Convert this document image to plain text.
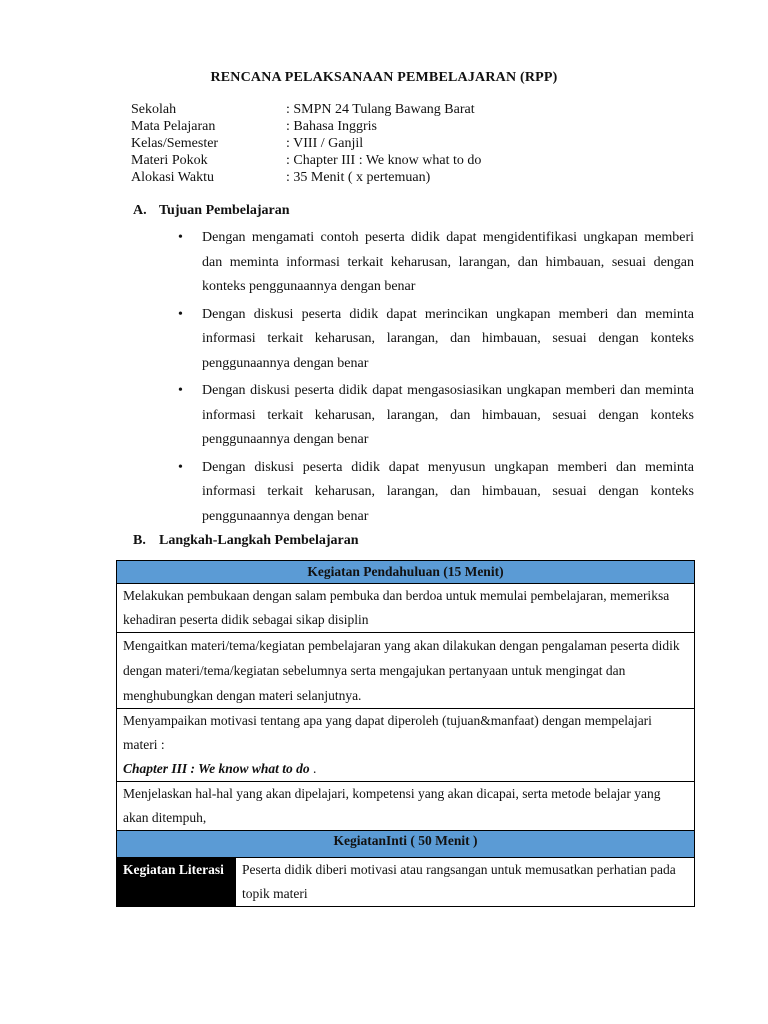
RENCANA PELAKSANAAN PEMBELAJARAN (RPP)
Sekolah	: SMPN 24 Tulang Bawang Barat
Mata Pelajaran	: Bahasa Inggris
Kelas/Semester	: VIII / Ganjil
Materi Pokok	: Chapter III : We know what to do
Alokasi Waktu	: 35 Menit ( x pertemuan)
A. Tujuan Pembelajaran
• Dengan mengamati contoh peserta didik dapat mengidentifikasi ungkapan memberi dan meminta informasi terkait keharusan, larangan, dan himbauan, sesuai dengan konteks penggunaannya dengan benar
• Dengan diskusi peserta didik dapat merincikan ungkapan memberi dan meminta informasi terkait keharusan, larangan, dan himbauan, sesuai dengan konteks penggunaannya dengan benar
• Dengan diskusi peserta didik dapat mengasosiasikan ungkapan memberi dan meminta informasi terkait keharusan, larangan, dan himbauan, sesuai dengan konteks penggunaannya dengan benar
• Dengan diskusi peserta didik dapat menyusun ungkapan memberi dan meminta informasi terkait keharusan, larangan, dan himbauan, sesuai dengan konteks penggunaannya dengan benar
B. Langkah-Langkah Pembelajaran
Kegiatan Pendahuluan (15 Menit)
Melakukan pembukaan dengan salam pembuka dan berdoa untuk memulai pembelajaran, memeriksa kehadiran peserta didik sebagai sikap disiplin
Mengaitkan materi/tema/kegiatan pembelajaran yang akan dilakukan dengan pengalaman peserta didik dengan materi/tema/kegiatan sebelumnya serta mengajukan pertanyaan untuk mengingat dan menghubungkan dengan materi selanjutnya.
Menyampaikan motivasi tentang apa yang dapat diperoleh (tujuan&manfaat) dengan mempelajari materi :
Chapter III : We know what to do .
Menjelaskan hal-hal yang akan dipelajari, kompetensi yang akan dicapai, serta metode belajar yang akan ditempuh,
KegiatanInti ( 50 Menit )
Kegiatan Literasi	Peserta didik diberi motivasi atau rangsangan untuk memusatkan perhatian pada topik materi
